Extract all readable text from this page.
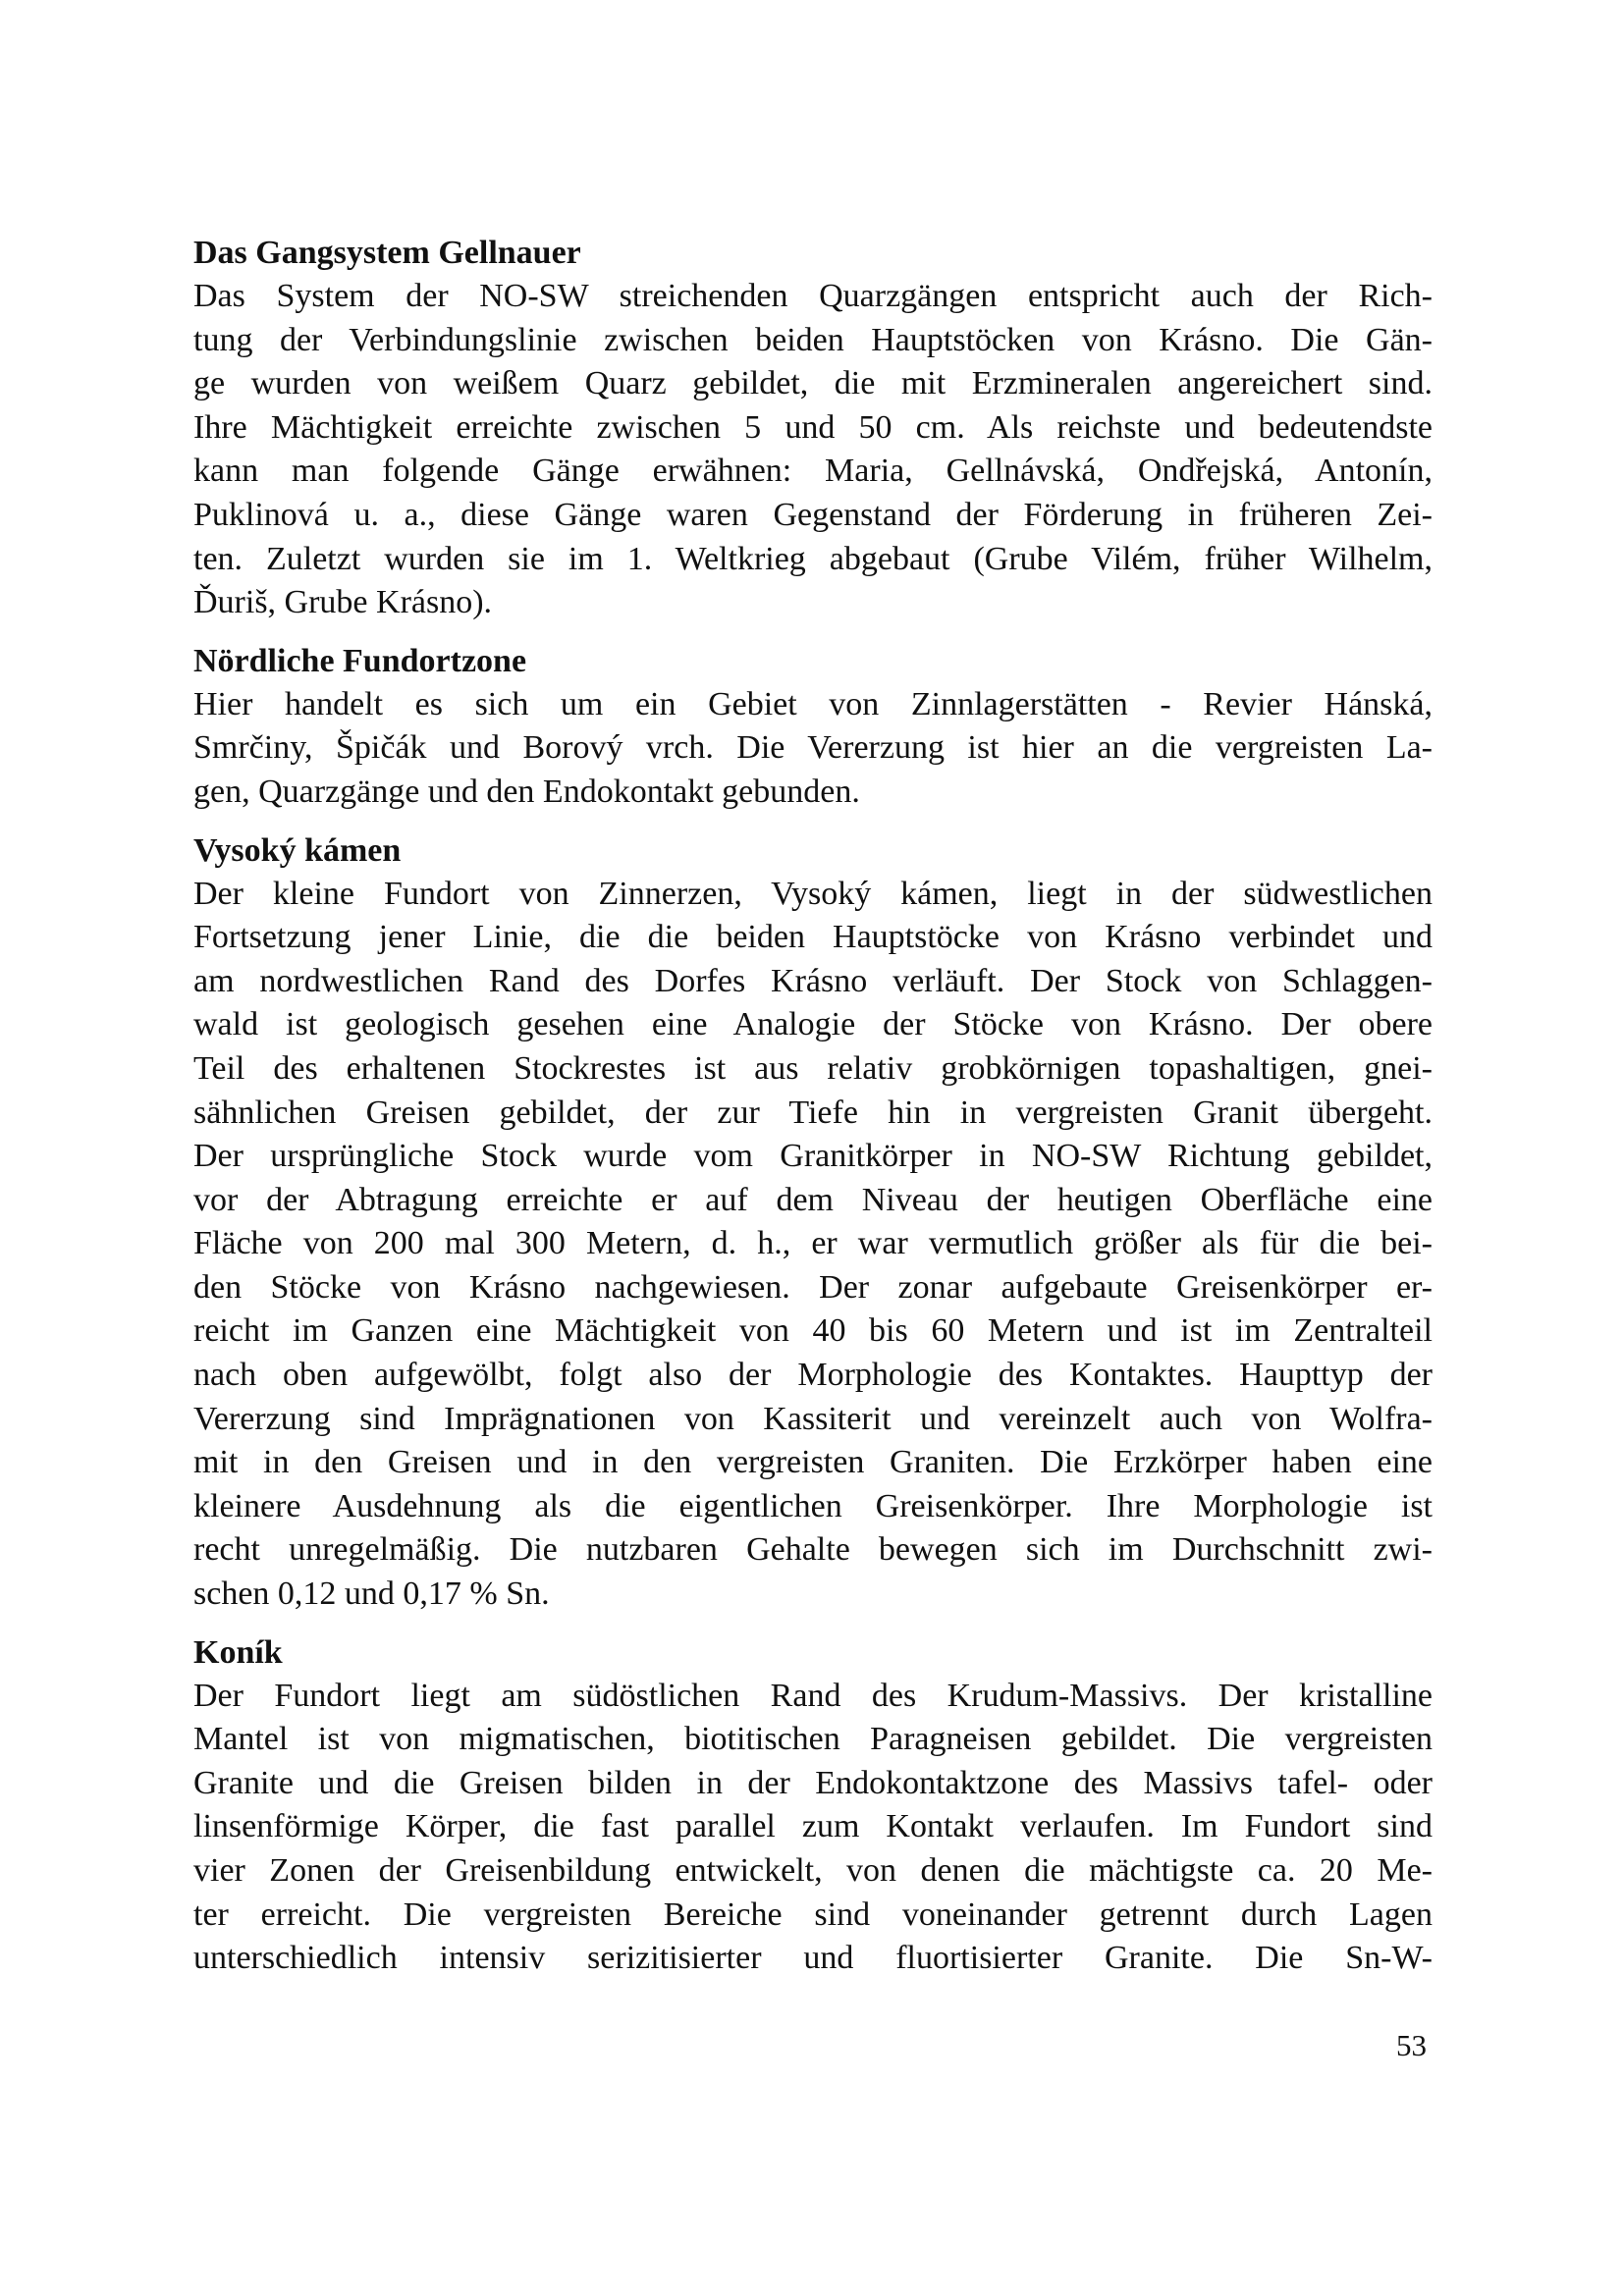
Das Gangsystem Gellnauer
Das System der NO-SW streichenden Quarzgängen entspricht auch der Rich-
tung der Verbindungslinie zwischen beiden Hauptstöcken von Krásno. Die Gän-
ge wurden von weißem Quarz gebildet, die mit Erzmineralen angereichert sind.
Ihre Mächtigkeit erreichte zwischen 5 und 50 cm. Als reichste und bedeutendste
kann man folgende Gänge erwähnen: Maria, Gellnávská, Ondřejská, Antonín,
Puklinová u. a., diese Gänge waren Gegenstand der Förderung in früheren Zei-
ten. Zuletzt wurden sie im 1. Weltkrieg abgebaut (Grube Vilém, früher Wilhelm,
Ďuriš, Grube Krásno).
Nördliche Fundortzone
Hier handelt es sich um ein Gebiet von Zinnlagerstätten - Revier Hánská,
Smrčiny, Špičák und Borový vrch. Die Vererzung ist hier an die vergreisten La-
gen, Quarzgänge und den Endokontakt gebunden.
Vysoký kámen
Der kleine Fundort von Zinnerzen, Vysoký kámen, liegt in der südwestlichen
Fortsetzung jener Linie, die die beiden Hauptstöcke von Krásno verbindet und
am nordwestlichen Rand des Dorfes Krásno verläuft. Der Stock von Schlaggen-
wald ist geologisch gesehen eine Analogie der Stöcke von Krásno. Der obere
Teil des erhaltenen Stockrestes ist aus relativ grobkörnigen topashaltigen, gnei-
sähnlichen Greisen gebildet, der zur Tiefe hin in vergreisten Granit übergeht.
Der ursprüngliche Stock wurde vom Granitkörper in NO-SW Richtung gebildet,
vor der Abtragung erreichte er auf dem Niveau der heutigen Oberfläche eine
Fläche von 200 mal 300 Metern, d. h., er war vermutlich größer als für die bei-
den Stöcke von Krásno nachgewiesen. Der zonar aufgebaute Greisenkörper er-
reicht im Ganzen eine Mächtigkeit von 40 bis 60 Metern und ist im Zentralteil
nach oben aufgewölbt, folgt also der Morphologie des Kontaktes. Haupttyp der
Vererzung sind Imprägnationen von Kassiterit und vereinzelt auch von Wolfra-
mit in den Greisen und in den vergreisten Graniten. Die Erzkörper haben eine
kleinere Ausdehnung als die eigentlichen Greisenkörper. Ihre Morphologie ist
recht unregelmäßig. Die nutzbaren Gehalte bewegen sich im Durchschnitt zwi-
schen 0,12 und 0,17 % Sn.
Koník
Der Fundort liegt am südöstlichen Rand des Krudum-Massivs. Der kristalline
Mantel ist von migmatischen, biotitischen Paragneisen gebildet. Die vergreisten
Granite und die Greisen bilden in der Endokontaktzone des Massivs tafel- oder
linsenförmige Körper, die fast parallel zum Kontakt verlaufen. Im Fundort sind
vier Zonen der Greisenbildung entwickelt, von denen die mächtigste ca. 20 Me-
ter erreicht. Die vergreisten Bereiche sind voneinander getrennt durch Lagen
unterschiedlich intensiv serizitisierter und fluortisierter Granite. Die Sn-W-
53
